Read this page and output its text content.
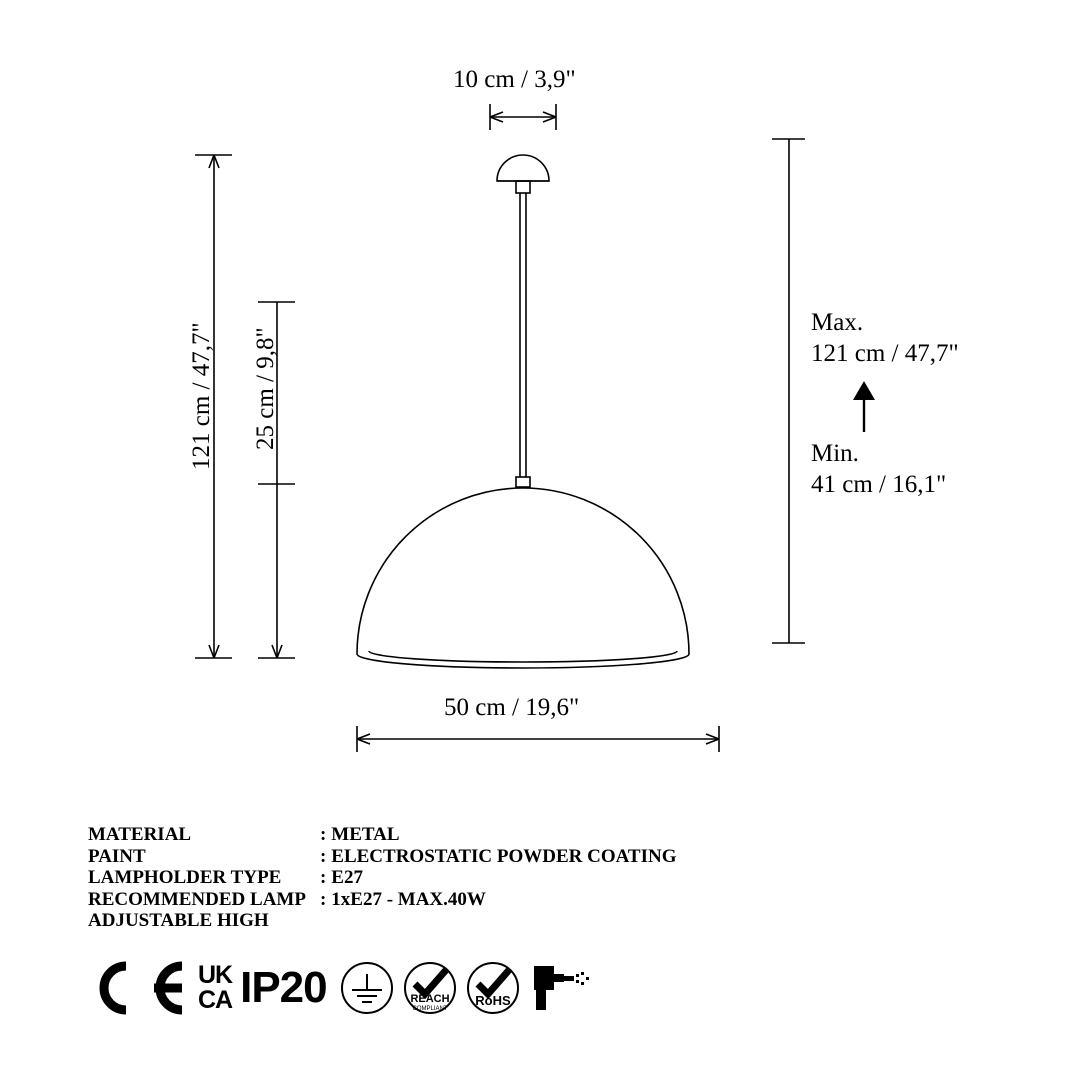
10 cm / 3,9"
121 cm / 47,7" 25 cm / 9,8"
50 cm / 19,6"
Max.
121 cm / 47,7"
Min.
41 cm / 16,1"
MATERIAL	:	METAL
PAINT	:	ELECTROSTATIC POWDER COATING
LAMPHOLDER TYPE	:	E27
RECOMMENDED LAMP	:	1xE27 - MAX.40W
ADJUSTABLE HIGH		
UK
CA IP20	REACH
COMPLIANT
RoHS
